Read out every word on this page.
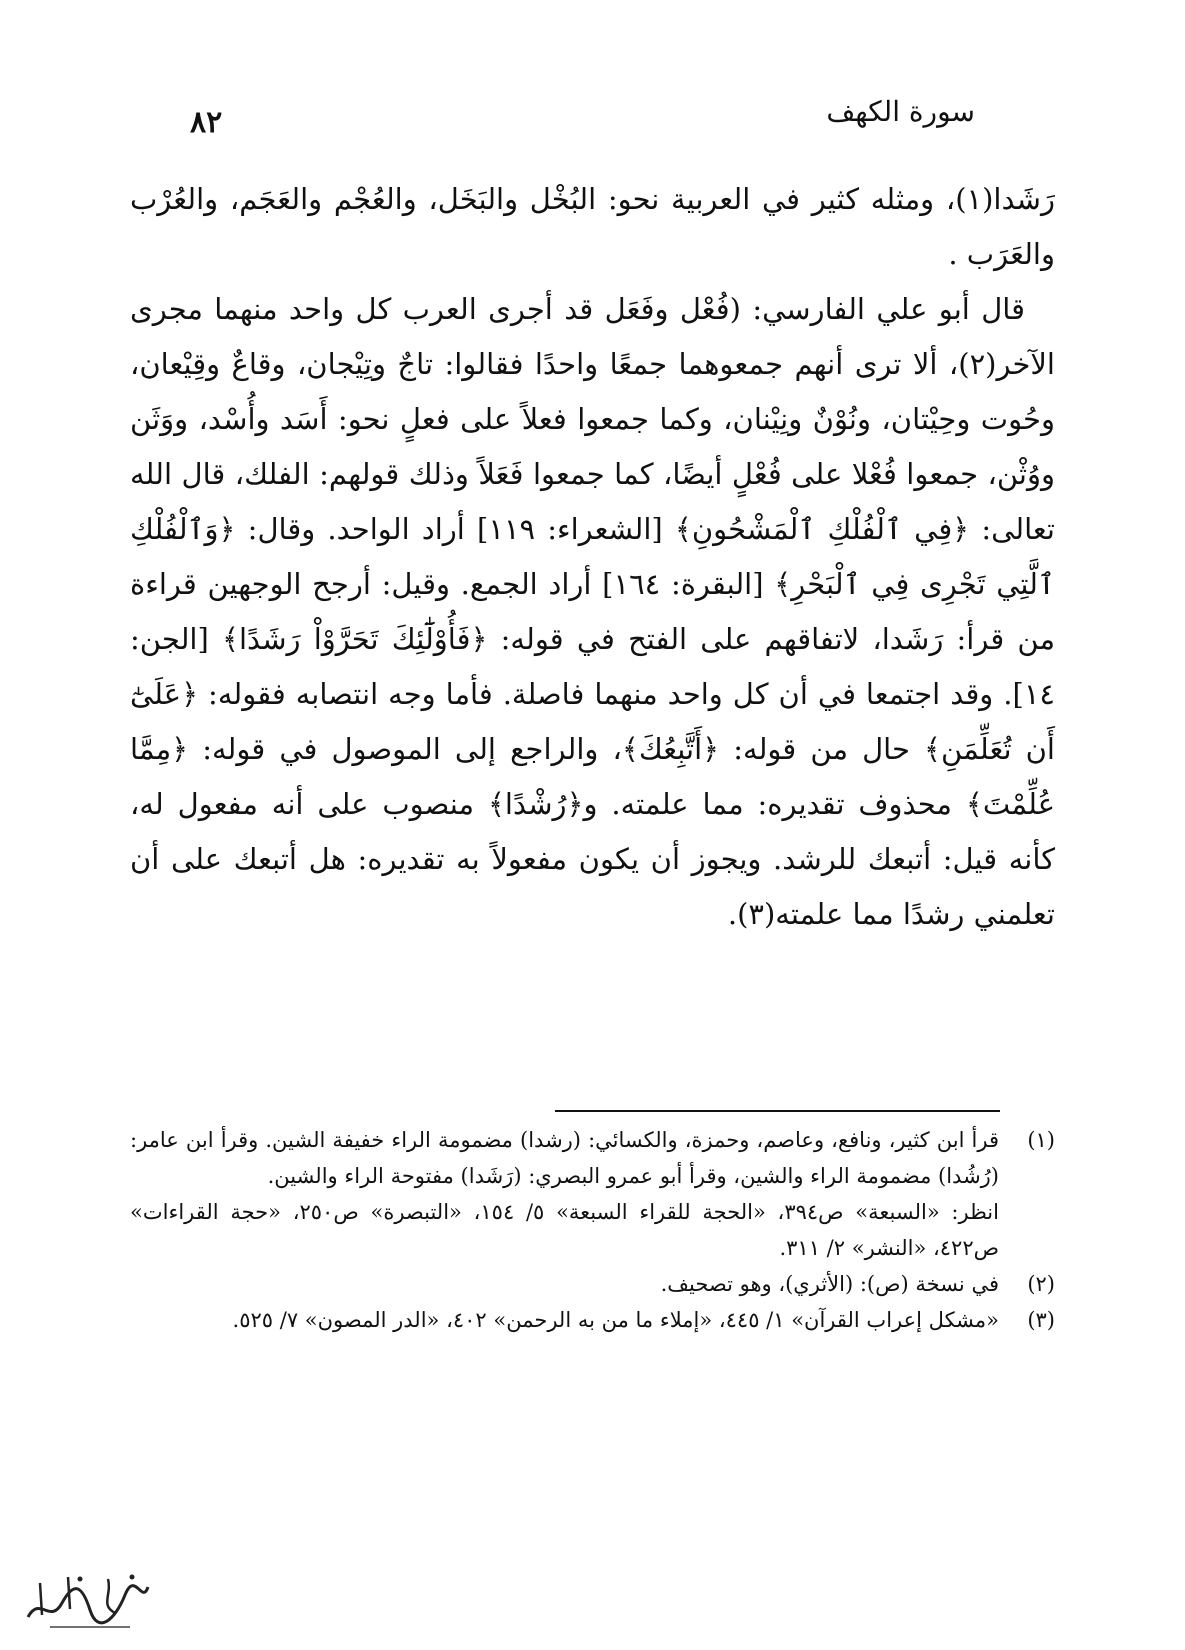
سورة الكهف
٨٢

رَشَدا(١)، ومثله كثير في العربية نحو: البُخْل والبَخَل، والعُجْم والعَجَم، والعُرْب والعَرَب .

قال أبو علي الفارسي: (فُعْل وفَعَل قد أجرى العرب كل واحد منهما مجرى الآخر(٢)، ألا ترى أنهم جمعوهما جمعًا واحدًا فقالوا: تاجٌ وتِيْجان، وقاعٌ وقِيْعان، وحُوت وحِيْتان، ونُوْنٌ ونِيْنان، وكما جمعوا فعلاً على فعلٍ نحو: أَسَد وأُسْد، ووَثَن ووُثْن، جمعوا فُعْلا على فُعْلٍ أيضًا، كما جمعوا فَعَلاً وذلك قولهم: الفلك، قال الله تعالى: ﴿فِي ٱلْفُلْكِ ٱلْمَشْحُونِ﴾ [الشعراء: ١١٩] أراد الواحد. وقال: ﴿وَٱلْفُلْكِ ٱلَّتِي تَجْرِى فِي ٱلْبَحْرِ﴾ [البقرة: ١٦٤] أراد الجمع. وقيل: أرجح الوجهين قراءة من قرأ: رَشَدا، لاتفاقهم على الفتح في قوله: ﴿فَأُوْلَٰٓئِكَ تَحَرَّوْاْ رَشَدًا﴾ [الجن: ١٤]. وقد اجتمعا في أن كل واحد منهما فاصلة. فأما وجه انتصابه فقوله: ﴿عَلَىٰٓ أَن تُعَلِّمَنِ﴾ حال من قوله: ﴿أَتَّبِعُكَ﴾، والراجع إلى الموصول في قوله: ﴿مِمَّا عُلِّمْتَ﴾ محذوف تقديره: مما علمته. و﴿رُشْدًا﴾ منصوب على أنه مفعول له، كأنه قيل: أتبعك للرشد. ويجوز أن يكون مفعولاً به تقديره: هل أتبعك على أن تعلمني رشدًا مما علمته(٣).

(١)

قرأ ابن كثير، ونافع، وعاصم، وحمزة، والكسائي: (رشدا) مضمومة الراء خفيفة الشين. وقرأ ابن عامر: (رُشُدا) مضمومة الراء والشين، وقرأ أبو عمرو البصري: (رَشَدا) مفتوحة الراء والشين.

انظر: «السبعة» ص٣٩٤، «الحجة للقراء السبعة» ٥/ ١٥٤، «التبصرة» ص٢٥٠، «حجة القراءات» ص٤٢٢، «النشر» ٢/ ٣١١.

(٢)

في نسخة (ص): (الأثري)، وهو تصحيف.

(٣)

«مشكل إعراب القرآن» ١/ ٤٤٥، «إملاء ما من به الرحمن» ٤٠٢، «الدر المصون» ٧/ ٥٢٥.
